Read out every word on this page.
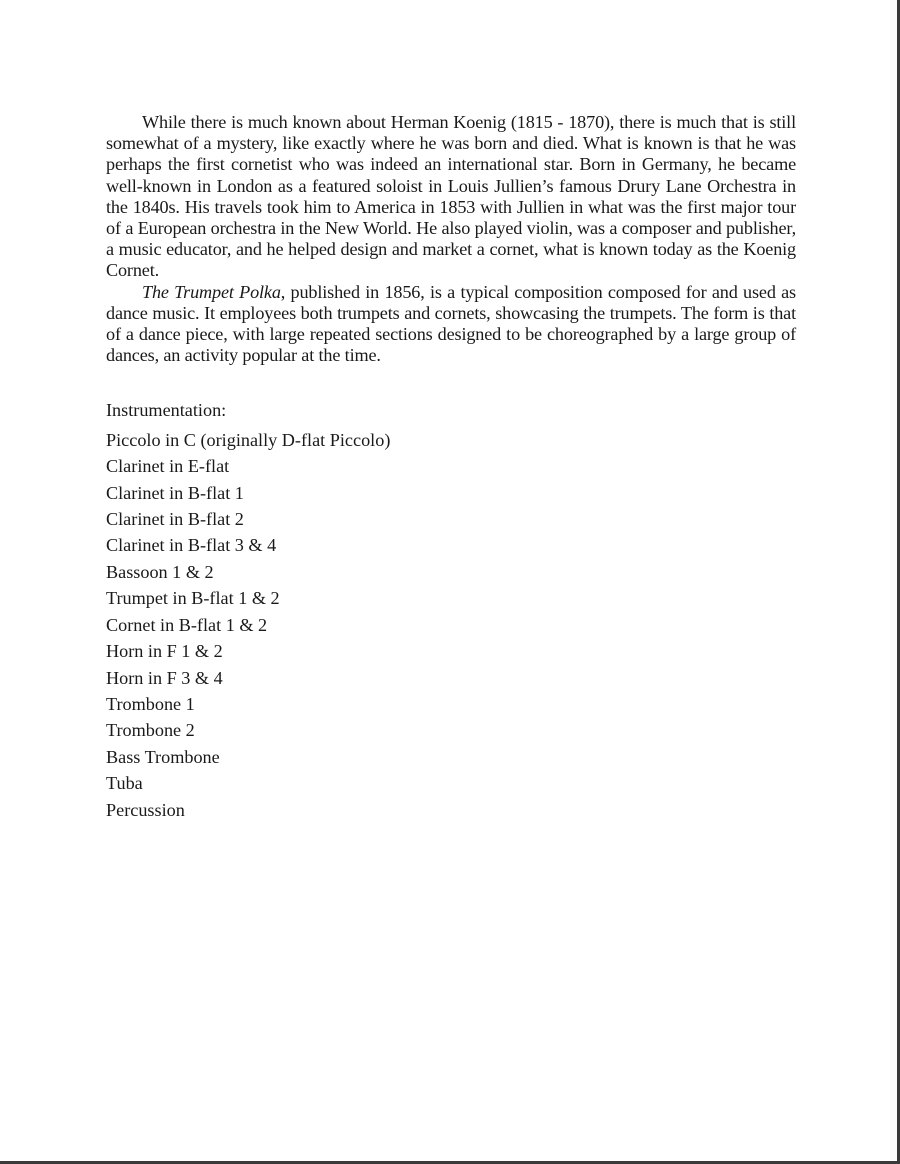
While there is much known about Herman Koenig (1815 - 1870), there is much that is still somewhat of a mystery, like exactly where he was born and died. What is known is that he was perhaps the first cornetist who was indeed an international star. Born in Germany, he became well-known in London as a featured soloist in Louis Jullien’s famous Drury Lane Orchestra in the 1840s. His travels took him to America in 1853 with Jullien in what was the first major tour of a European orchestra in the New World. He also played violin, was a composer and publisher, a music educator, and he helped design and market a cornet, what is known today as the Koenig Cornet.

The Trumpet Polka, published in 1856, is a typical composition composed for and used as dance music. It employees both trumpets and cornets, showcasing the trumpets. The form is that of a dance piece, with large repeated sections designed to be choreographed by a large group of dances, an activity popular at the time.

Instrumentation:

Piccolo in C (originally D-flat Piccolo)
Clarinet in E-flat
Clarinet in B-flat 1
Clarinet in B-flat 2
Clarinet in B-flat 3 & 4
Bassoon 1 & 2
Trumpet in B-flat 1 & 2
Cornet in B-flat 1 & 2
Horn in F 1 & 2
Horn in F 3 & 4
Trombone 1
Trombone 2
Bass Trombone
Tuba
Percussion
